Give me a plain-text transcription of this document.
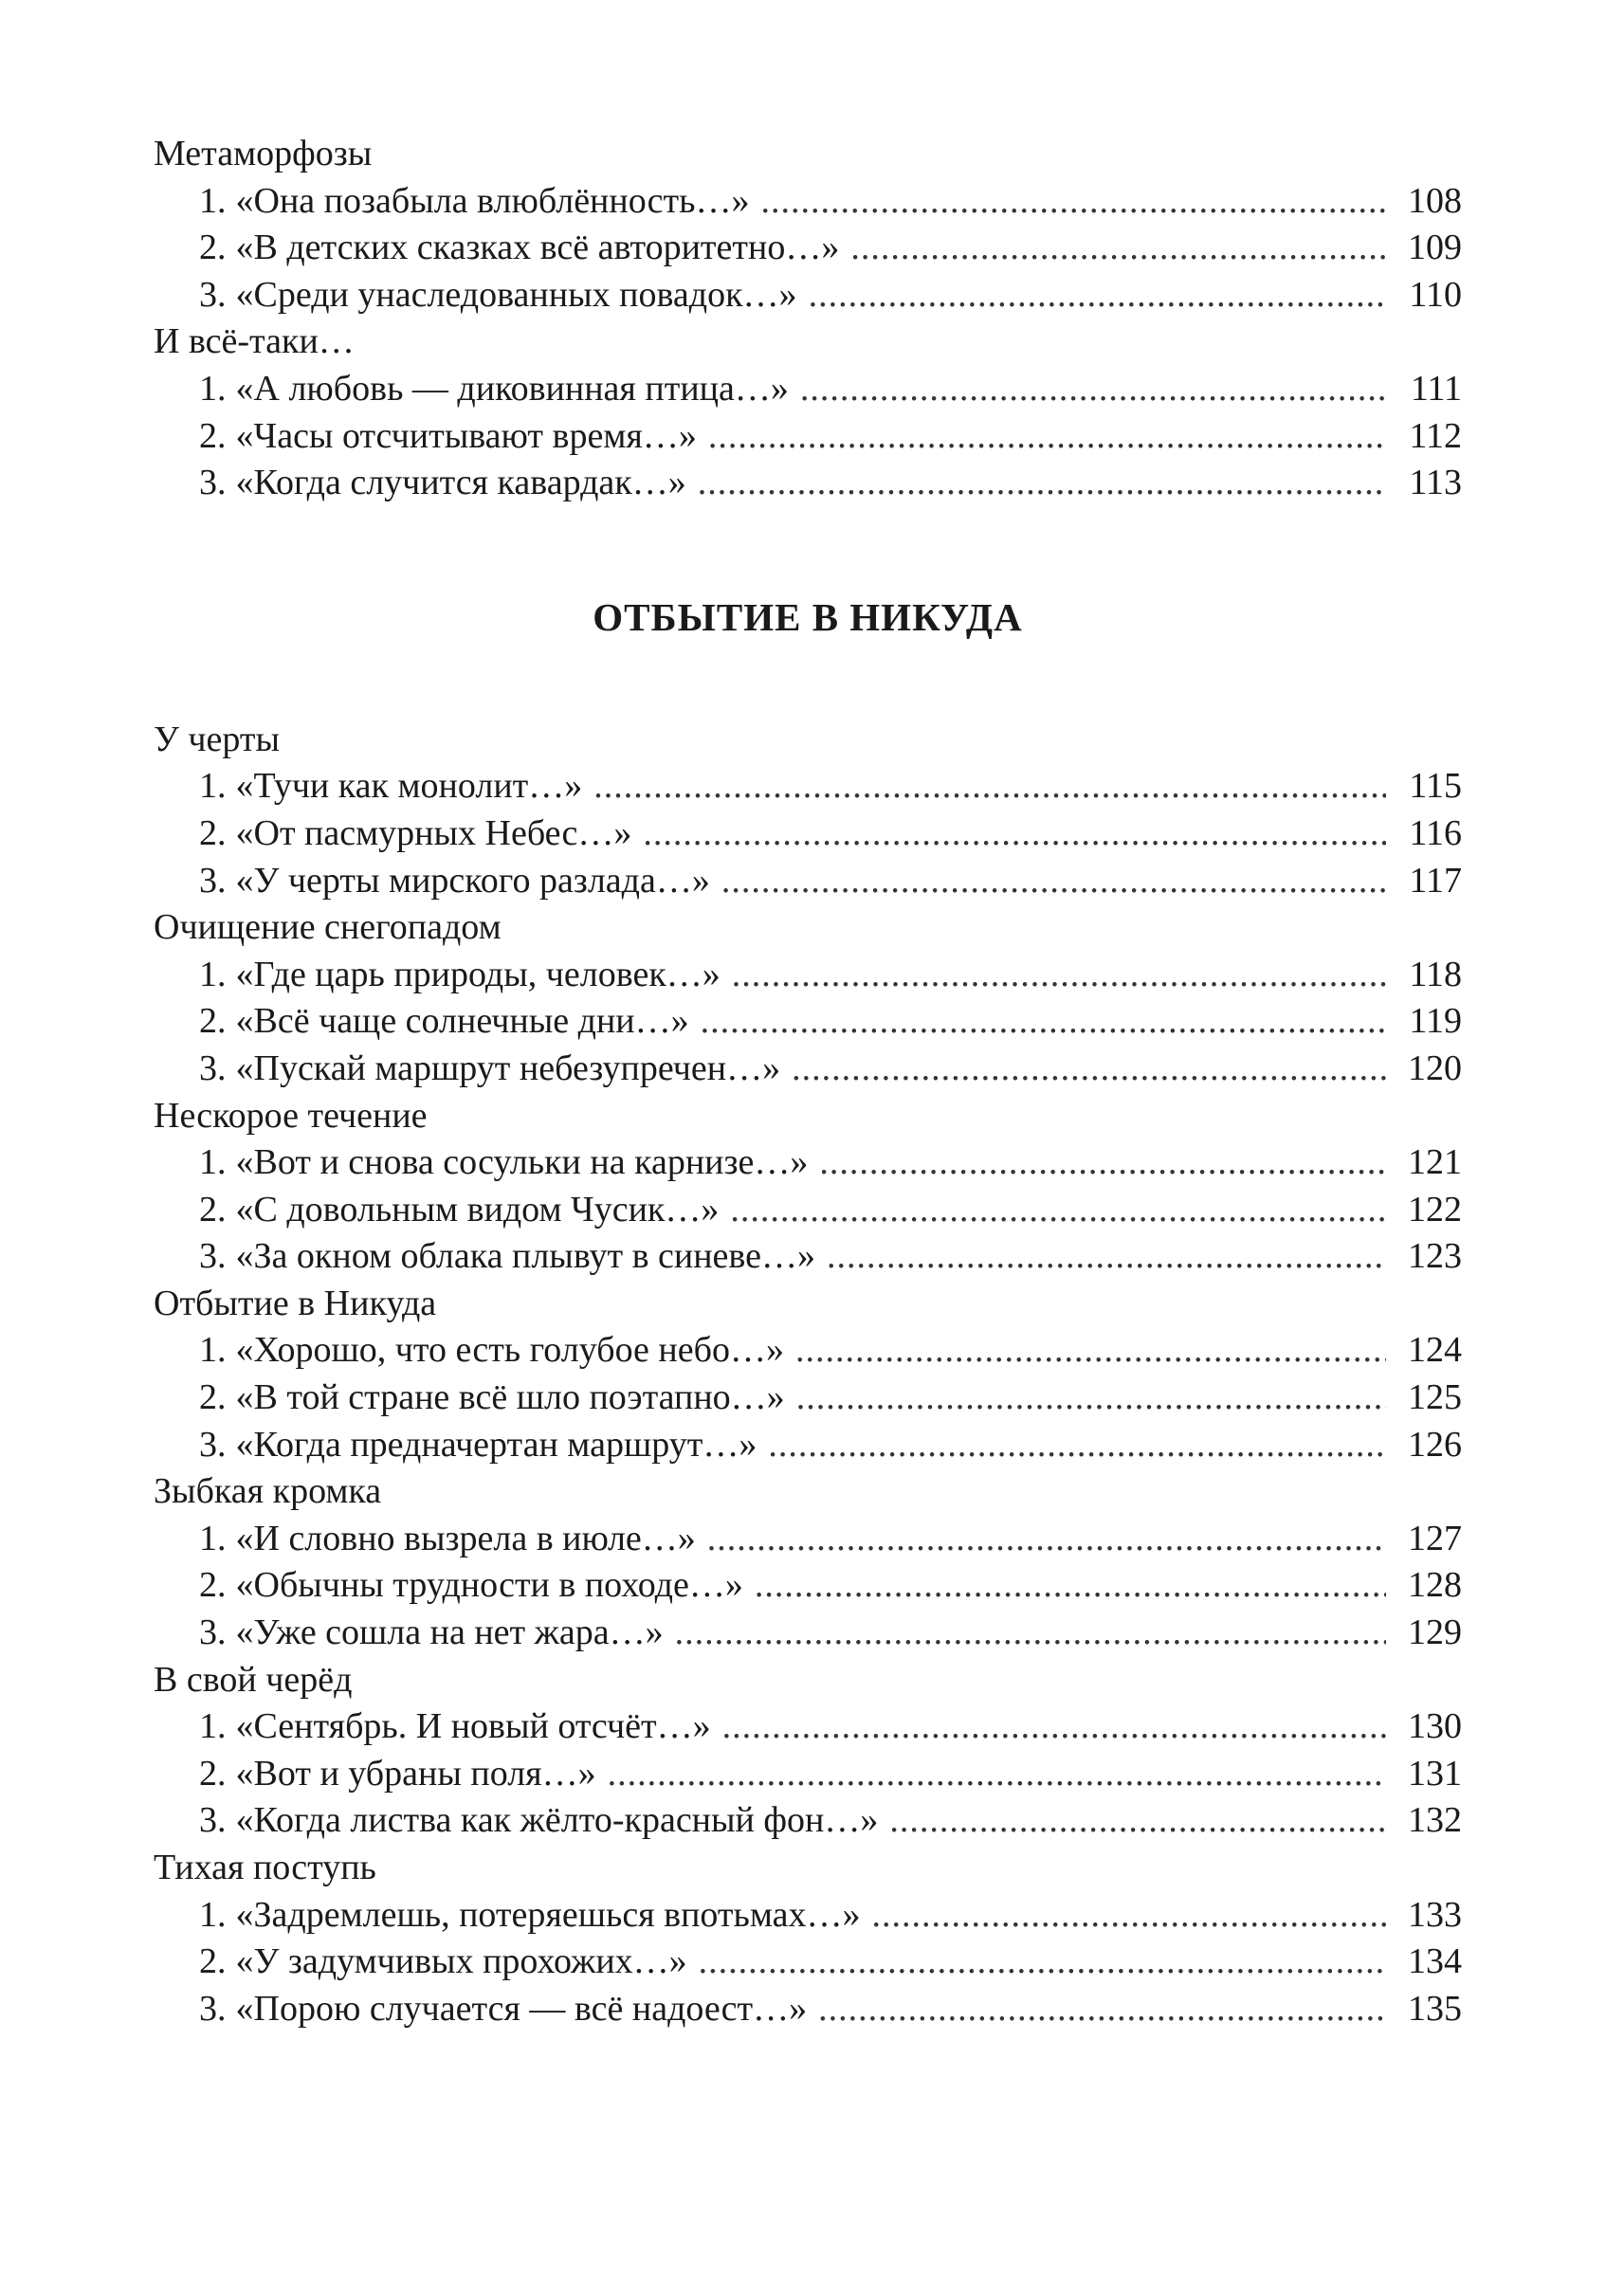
Метаморфозы
1. «Она позабыла влюблённость…» .....	108
2. «В детских сказках всё авторитетно…» .....	109
3. «Среди унаследованных повадок…» .....	110
И всё-таки…
1. «А любовь — диковинная птица…» .....	111
2. «Часы отсчитывают время…» .....	112
3. «Когда случится кавардак…» .....	113
ОТБЫТИЕ В НИКУДА
У черты
1. «Тучи как монолит…» .....	115
2. «От пасмурных Небес…» .....	116
3. «У черты мирского разлада…» .....	117
Очищение снегопадом
1. «Где царь природы, человек…» .....	118
2. «Всё чаще солнечные дни…» .....	119
3. «Пускай маршрут небезупречен…» .....	120
Нескорое течение
1. «Вот и снова сосульки на карнизе…» .....	121
2. «С довольным видом Чусик…» .....	122
3. «За окном облака плывут в синеве…» .....	123
Отбытие в Никуда
1. «Хорошо, что есть голубое небо…» .....	124
2. «В той стране всё шло поэтапно…» .....	125
3. «Когда предначертан маршрут…» .....	126
Зыбкая кромка
1. «И словно вызрела в июле…» .....	127
2. «Обычны трудности в походе…» .....	128
3. «Уже сошла на нет жара…» .....	129
В свой черёд
1. «Сентябрь. И новый отсчёт…» .....	130
2. «Вот и убраны поля…» .....	131
3. «Когда листва как жёлто-красный фон…» .....	132
Тихая поступь
1. «Задремлешь, потеряешься впотьмах…» .....	133
2. «У задумчивых прохожих…» .....	134
3. «Порою случается — всё надоест…» .....	135
